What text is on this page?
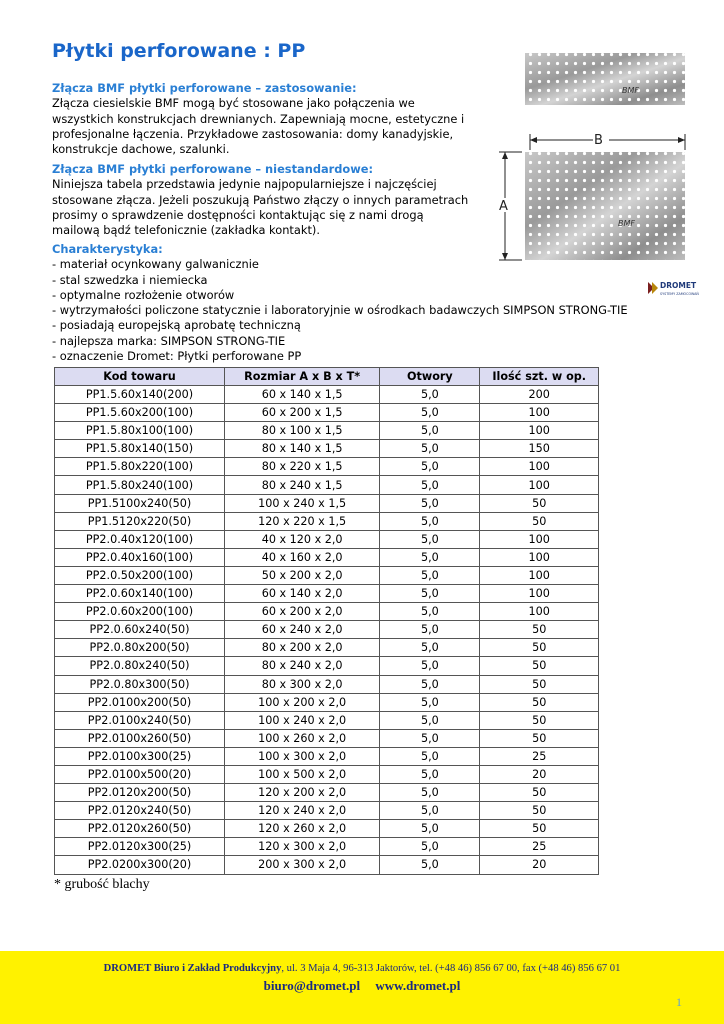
Płytki perforowane : PP
Złącza BMF płytki perforowane – zastosowanie:
Złącza ciesielskie BMF mogą być stosowane jako połączenia we wszystkich konstrukcjach drewnianych. Zapewniają mocne, estetyczne i profesjonalne łączenia. Przykładowe zastosowania: domy kanadyjskie, konstrukcje dachowe, szalunki.
Złącza BMF płytki perforowane – niestandardowe:
Niniejsza tabela przedstawia jedynie najpopularniejsze i najczęściej stosowane złącza. Jeżeli poszukują Państwo złączy o innych parametrach prosimy o sprawdzenie dostępności kontaktując się z nami drogą mailową bądź telefonicznie (zakładka kontakt).
Charakterystyka:
- materiał ocynkowany galwanicznie
- stal szwedzka i niemiecka
- optymalne rozłożenie otworów
- wytrzymałości policzone statycznie i laboratoryjnie w ośrodkach badawczych SIMPSON STRONG-TIE
- posiadają europejską aprobatę techniczną
- najlepsza marka: SIMPSON STRONG-TIE
- oznaczenie Dromet: Płytki perforowane PP
BMF
B
A
BMF
DROMET
SYSTEMY ZAMOCOWAŃ
Kod towaru	Rozmiar A x B x T*	Otwory	Ilość szt. w op.
PP1.5.60x140(200)	60 x 140 x 1,5	5,0	200
PP1.5.60x200(100)	60 x 200 x 1,5	5,0	100
PP1.5.80x100(100)	80 x 100 x 1,5	5,0	100
PP1.5.80x140(150)	80 x 140 x 1,5	5,0	150
PP1.5.80x220(100)	80 x 220 x 1,5	5,0	100
PP1.5.80x240(100)	80 x 240 x 1,5	5,0	100
PP1.5100x240(50)	100 x 240 x 1,5	5,0	50
PP1.5120x220(50)	120 x 220 x 1,5	5,0	50
PP2.0.40x120(100)	40 x 120 x 2,0	5,0	100
PP2.0.40x160(100)	40 x 160 x 2,0	5,0	100
PP2.0.50x200(100)	50 x 200 x 2,0	5,0	100
PP2.0.60x140(100)	60 x 140 x 2,0	5,0	100
PP2.0.60x200(100)	60 x 200 x 2,0	5,0	100
PP2.0.60x240(50)	60 x 240 x 2,0	5,0	50
PP2.0.80x200(50)	80 x 200 x 2,0	5,0	50
PP2.0.80x240(50)	80 x 240 x 2,0	5,0	50
PP2.0.80x300(50)	80 x 300 x 2,0	5,0	50
PP2.0100x200(50)	100 x 200 x 2,0	5,0	50
PP2.0100x240(50)	100 x 240 x 2,0	5,0	50
PP2.0100x260(50)	100 x 260 x 2,0	5,0	50
PP2.0100x300(25)	100 x 300 x 2,0	5,0	25
PP2.0100x500(20)	100 x 500 x 2,0	5,0	20
PP2.0120x200(50)	120 x 200 x 2,0	5,0	50
PP2.0120x240(50)	120 x 240 x 2,0	5,0	50
PP2.0120x260(50)	120 x 260 x 2,0	5,0	50
PP2.0120x300(25)	120 x 300 x 2,0	5,0	25
PP2.0200x300(20)	200 x 300 x 2,0	5,0	20
* grubość blachy
DROMET Biuro i Zakład Produkcyjny, ul. 3 Maja 4, 96-313 Jaktorów, tel. (+48 46) 856 67 00, fax (+48 46) 856 67 01
biuro@dromet.pl www.dromet.pl
1
